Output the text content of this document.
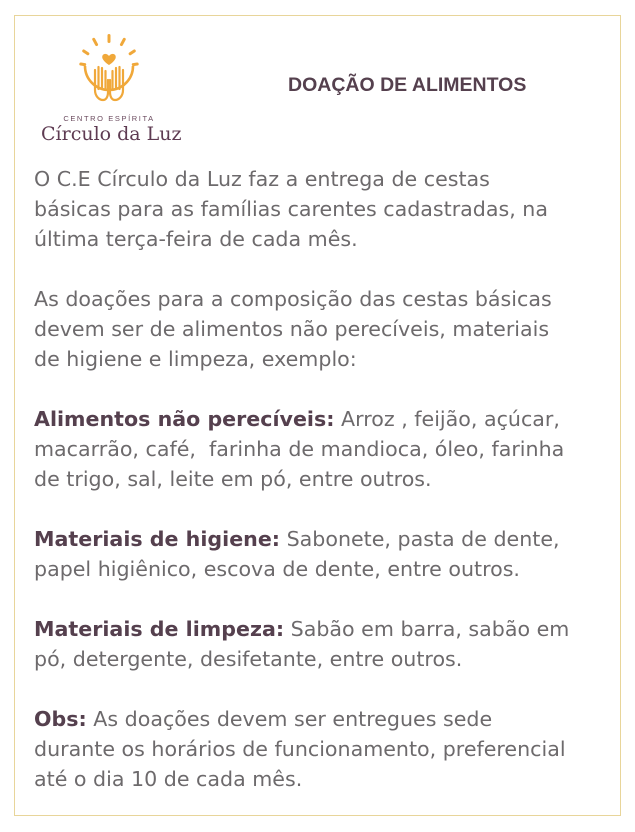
CENTRO ESPÍRITA
Círculo da Luz
DOAÇÃO DE ALIMENTOS

O C.E Círculo da Luz faz a entrega de cestas
básicas para as famílias carentes cadastradas, na
última terça-feira de cada mês.

As doações para a composição das cestas básicas
devem ser de alimentos não perecíveis, materiais
de higiene e limpeza, exemplo:

Alimentos não perecíveis: Arroz , feijão, açúcar,
macarrão, café,  farinha de mandioca, óleo, farinha
de trigo, sal, leite em pó, entre outros.

Materiais de higiene: Sabonete, pasta de dente,
papel higiênico, escova de dente, entre outros.

Materiais de limpeza: Sabão em barra, sabão em
pó, detergente, desifetante, entre outros.

Obs: As doações devem ser entregues sede
durante os horários de funcionamento, preferencial
até o dia 10 de cada mês.
